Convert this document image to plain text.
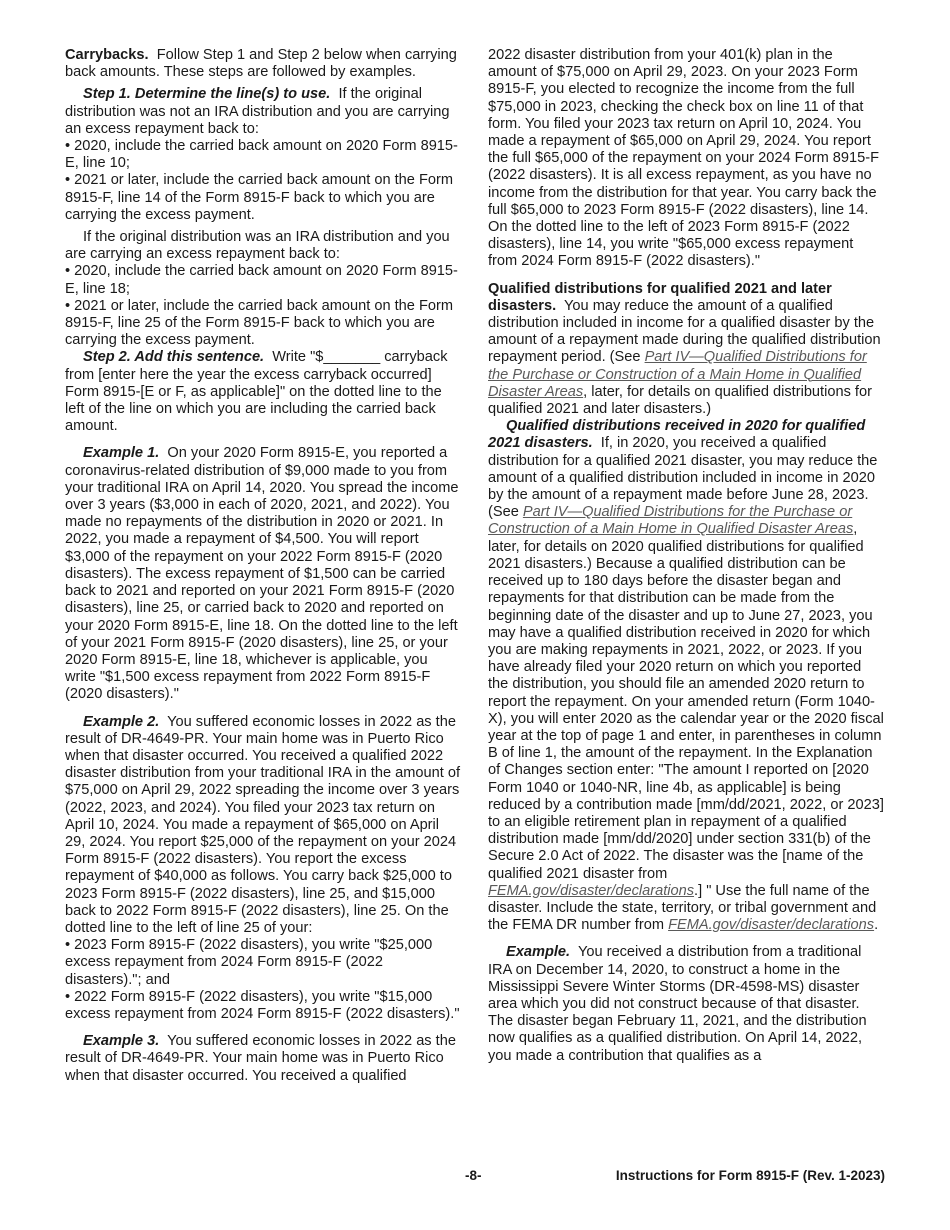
Carrybacks. Follow Step 1 and Step 2 below when carrying back amounts. These steps are followed by examples.

Step 1. Determine the line(s) to use. If the original distribution was not an IRA distribution and you are carrying an excess repayment back to:

• 2020, include the carried back amount on 2020 Form 8915-E, line 10;

• 2021 or later, include the carried back amount on the Form 8915-F, line 14 of the Form 8915-F back to which you are carrying the excess payment.

If the original distribution was an IRA distribution and you are carrying an excess repayment back to:

• 2020, include the carried back amount on 2020 Form 8915-E, line 18;

• 2021 or later, include the carried back amount on the Form 8915-F, line 25 of the Form 8915-F back to which you are carrying the excess payment.

Step 2. Add this sentence. Write "$_______ carryback from [enter here the year the excess carryback occurred] Form 8915-[E or F, as applicable]" on the dotted line to the left of the line on which you are including the carried back amount.

Example 1. On your 2020 Form 8915-E, you reported a coronavirus-related distribution of $9,000 made to you from your traditional IRA on April 14, 2020. You spread the income over 3 years ($3,000 in each of 2020, 2021, and 2022). You made no repayments of the distribution in 2020 or 2021. In 2022, you made a repayment of $4,500. You will report $3,000 of the repayment on your 2022 Form 8915-F (2020 disasters). The excess repayment of $1,500 can be carried back to 2021 and reported on your 2021 Form 8915-F (2020 disasters), line 25, or carried back to 2020 and reported on your 2020 Form 8915-E, line 18. On the dotted line to the left of your 2021 Form 8915-F (2020 disasters), line 25, or your 2020 Form 8915-E, line 18, whichever is applicable, you write "$1,500 excess repayment from 2022 Form 8915-F (2020 disasters)."

Example 2. You suffered economic losses in 2022 as the result of DR-4649-PR. Your main home was in Puerto Rico when that disaster occurred. You received a qualified 2022 disaster distribution from your traditional IRA in the amount of $75,000 on April 29, 2022 spreading the income over 3 years (2022, 2023, and 2024). You filed your 2023 tax return on April 10, 2024. You made a repayment of $65,000 on April 29, 2024. You report $25,000 of the repayment on your 2024 Form 8915-F (2022 disasters). You report the excess repayment of $40,000 as follows. You carry back $25,000 to 2023 Form 8915-F (2022 disasters), line 25, and $15,000 back to 2022 Form 8915-F (2022 disasters), line 25. On the dotted line to the left of line 25 of your:

• 2023 Form 8915-F (2022 disasters), you write "$25,000 excess repayment from 2024 Form 8915-F (2022 disasters)."; and

• 2022 Form 8915-F (2022 disasters), you write "$15,000 excess repayment from 2024 Form 8915-F (2022 disasters)."

Example 3. You suffered economic losses in 2022 as the result of DR-4649-PR. Your main home was in Puerto Rico when that disaster occurred. You received a qualified

2022 disaster distribution from your 401(k) plan in the amount of $75,000 on April 29, 2023. On your 2023 Form 8915-F, you elected to recognize the income from the full $75,000 in 2023, checking the check box on line 11 of that form. You filed your 2023 tax return on April 10, 2024. You made a repayment of $65,000 on April 29, 2024. You report the full $65,000 of the repayment on your 2024 Form 8915-F (2022 disasters). It is all excess repayment, as you have no income from the distribution for that year. You carry back the full $65,000 to 2023 Form 8915-F (2022 disasters), line 14. On the dotted line to the left of 2023 Form 8915-F (2022 disasters), line 14, you write "$65,000 excess repayment from 2024 Form 8915-F (2022 disasters)."

Qualified distributions for qualified 2021 and later disasters. You may reduce the amount of a qualified distribution included in income for a qualified disaster by the amount of a repayment made during the qualified distribution repayment period. (See Part IV—Qualified Distributions for the Purchase or Construction of a Main Home in Qualified Disaster Areas, later, for details on qualified distributions for qualified 2021 and later disasters.)

Qualified distributions received in 2020 for qualified 2021 disasters. If, in 2020, you received a qualified distribution for a qualified 2021 disaster, you may reduce the amount of a qualified distribution included in income in 2020 by the amount of a repayment made before June 28, 2023. (See Part IV—Qualified Distributions for the Purchase or Construction of a Main Home in Qualified Disaster Areas, later, for details on 2020 qualified distributions for qualified 2021 disasters.) Because a qualified distribution can be received up to 180 days before the disaster began and repayments for that distribution can be made from the beginning date of the disaster and up to June 27, 2023, you may have a qualified distribution received in 2020 for which you are making repayments in 2021, 2022, or 2023. If you have already filed your 2020 return on which you reported the distribution, you should file an amended 2020 return to report the repayment. On your amended return (Form 1040-X), you will enter 2020 as the calendar year or the 2020 fiscal year at the top of page 1 and enter, in parentheses in column B of line 1, the amount of the repayment. In the Explanation of Changes section enter: "The amount I reported on [2020 Form 1040 or 1040-NR, line 4b, as applicable] is being reduced by a contribution made [mm/dd/2021, 2022, or 2023] to an eligible retirement plan in repayment of a qualified distribution made [mm/dd/2020] under section 331(b) of the Secure 2.0 Act of 2022. The disaster was the [name of the qualified 2021 disaster from FEMA.gov/disaster/declarations.] " Use the full name of the disaster. Include the state, territory, or tribal government and the FEMA DR number from FEMA.gov/disaster/declarations.

Example. You received a distribution from a traditional IRA on December 14, 2020, to construct a home in the Mississippi Severe Winter Storms (DR-4598-MS) disaster area which you did not construct because of that disaster. The disaster began February 11, 2021, and the distribution now qualifies as a qualified distribution. On April 14, 2022, you made a contribution that qualifies as a

-8-	Instructions for Form 8915-F (Rev. 1-2023)
